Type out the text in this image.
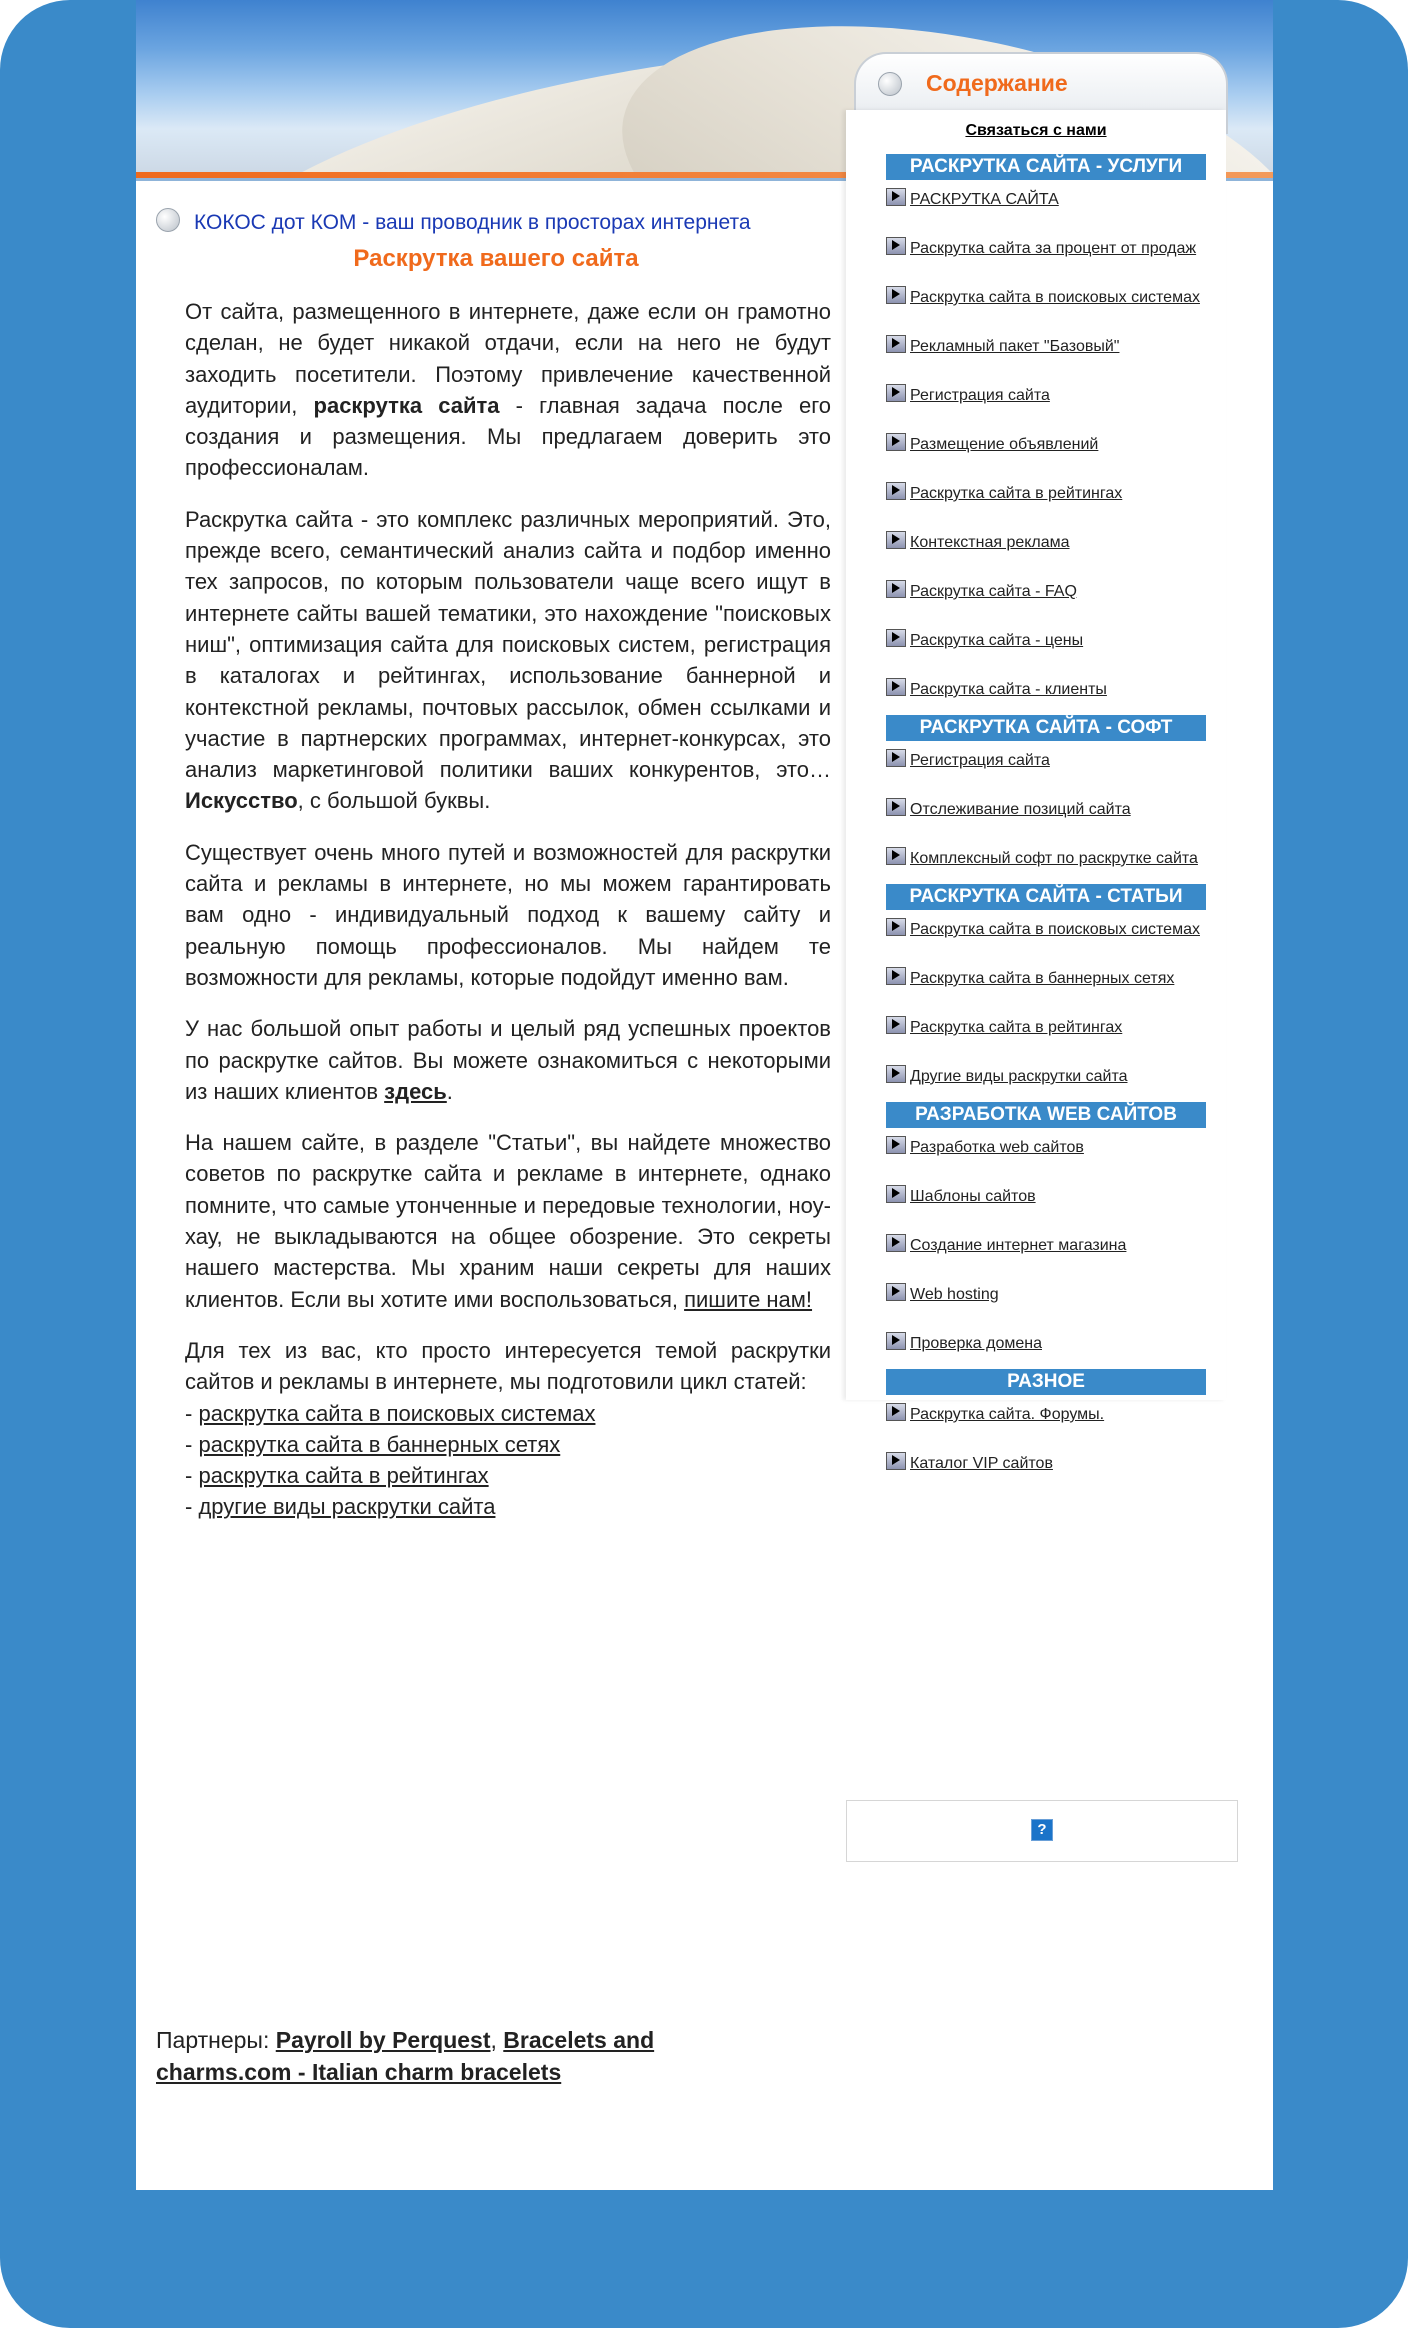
Содержание
КОКОС дот КОМ - ваш проводник в просторах интернета
Раскрутка вашего сайта

От сайта, размещенного в интернете, даже если он грамотно сделан, не будет никакой отдачи, если на него не будут заходить посетители. Поэтому привлечение качественной аудитории, раскрутка сайта - главная задача после его создания и размещения. Мы предлагаем доверить это профессионалам.

Раскрутка сайта - это комплекс различных мероприятий. Это, прежде всего, семантический анализ сайта и подбор именно тех запросов, по которым пользователи чаще всего ищут в интернете сайты вашей тематики, это нахождение "поисковых ниш", оптимизация сайта для поисковых систем, регистрация в каталогах и рейтингах, использование баннерной и контекстной рекламы, почтовых рассылок, обмен ссылками и участие в партнерских программах, интернет-конкурсах, это анализ маркетинговой политики ваших конкурентов, это… Искусство, с большой буквы.

Существует очень много путей и возможностей для раскрутки сайта и рекламы в интернете, но мы можем гарантировать вам одно - индивидуальный подход к вашему сайту и реальную помощь профессионалов. Мы найдем те возможности для рекламы, которые подойдут именно вам.

У нас большой опыт работы и целый ряд успешных проектов по раскрутке сайтов. Вы можете ознакомиться с некоторыми из наших клиентов здесь.

На нашем сайте, в разделе "Статьи", вы найдете множество советов по раскрутке сайта и рекламе в интернете, однако помните, что самые утонченные и передовые технологии, ноу-хау, не выкладываются на общее обозрение. Это секреты нашего мастерства. Мы храним наши секреты для наших клиентов. Если вы хотите ими воспользоваться, пишите нам!

Для тех из вас, кто просто интересуется темой раскрутки сайтов и рекламы в интернете, мы подготовили цикл статей:
- раскрутка сайта в поисковых системах
- раскрутка сайта в баннерных сетях
- раскрутка сайта в рейтингах
- другие виды раскрутки сайта

Связаться с нами
РАСКРУТКА САЙТА - УСЛУГИ
РАСКРУТКА САЙТА
Раскрутка сайта за процент от продаж
Раскрутка сайта в поисковых системах
Рекламный пакет "Базовый"
Регистрация сайта
Размещение объявлений
Раскрутка сайта в рейтингах
Контекстная реклама
Раскрутка сайта - FAQ
Раскрутка сайта - цены
Раскрутка сайта - клиенты
РАСКРУТКА САЙТА - СОФТ
Регистрация сайта
Отслеживание позиций сайта
Комплексный софт по раскрутке сайта
РАСКРУТКА САЙТА - СТАТЬИ
Раскрутка сайта в поисковых системах
Раскрутка сайта в баннерных сетях
Раскрутка сайта в рейтингах
Другие виды раскрутки сайта
РАЗРАБОТКА WEB САЙТОВ
Разработка web сайтов
Шаблоны сайтов
Создание интернет магазина
Web hosting
Проверка домена
РАЗНОЕ
Раскрутка сайта. Форумы.
Каталог VIP сайтов
?
Партнеры: Payroll by Perquest, Bracelets and charms.com - Italian charm bracelets
